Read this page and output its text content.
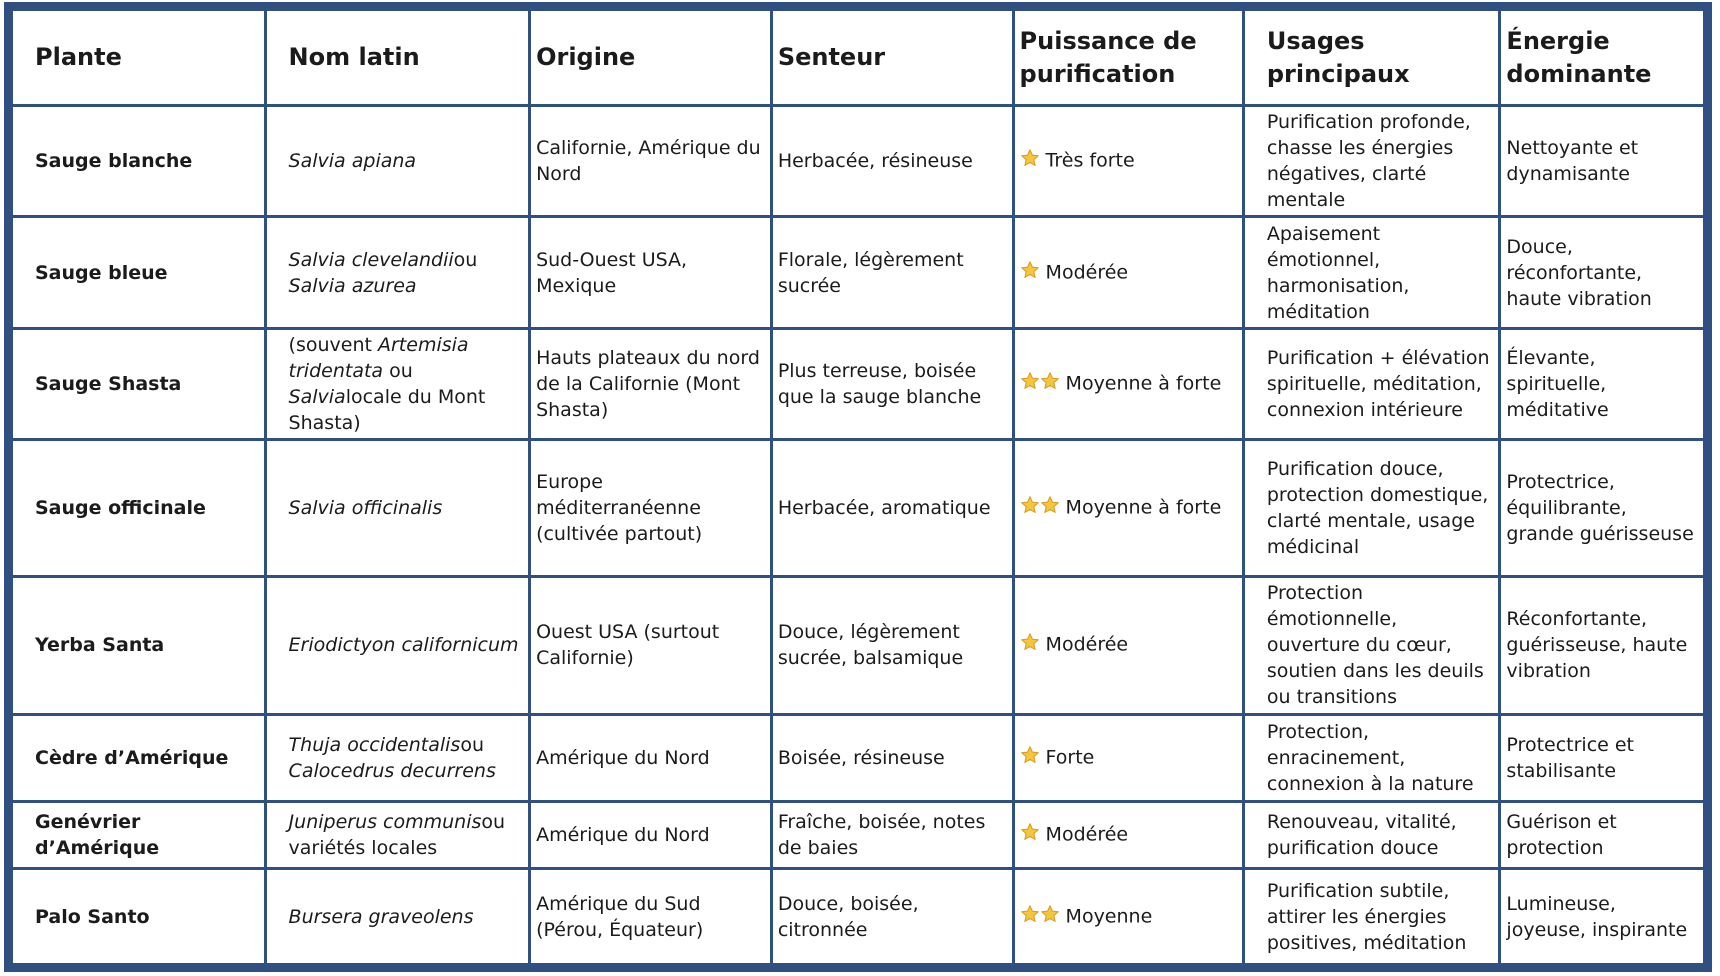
Plante	Nom latin	Origine	Senteur	Puissance de purification	Usages principaux	Énergie dominante
Sauge blanche	Salvia apiana	Californie, Amérique du Nord	Herbacée, résineuse	Très forte	Purification profonde, chasse les énergies négatives, clarté mentale	Nettoyante et dynamisante
Sauge bleue	Salvia clevelandiiou Salvia azurea	Sud-Ouest USA, Mexique	Florale, légèrement sucrée	Modérée	Apaisement émotionnel, harmonisation, méditation	Douce, réconfortante, haute vibration
Sauge Shasta	(souvent Artemisia tridentata ou Salvialocale du Mont Shasta)	Hauts plateaux du nord de la Californie (Mont Shasta)	Plus terreuse, boisée que la sauge blanche	Moyenne à forte	Purification + élévation spirituelle, méditation, connexion intérieure	Élevante, spirituelle, méditative
Sauge officinale	Salvia officinalis	Europe méditerranéenne (cultivée partout)	Herbacée, aromatique	Moyenne à forte	Purification douce, protection domestique, clarté mentale, usage médicinal	Protectrice, équilibrante, grande guérisseuse
Yerba Santa	Eriodictyon californicum	Ouest USA (surtout Californie)	Douce, légèrement sucrée, balsamique	Modérée	Protection émotionnelle, ouverture du cœur, soutien dans les deuils ou transitions	Réconfortante, guérisseuse, haute vibration
Cèdre d’Amérique	Thuja occidentalisou Calocedrus decurrens	Amérique du Nord	Boisée, résineuse	Forte	Protection, enracinement, connexion à la nature	Protectrice et stabilisante
Genévrier d’Amérique	Juniperus communisou variétés locales	Amérique du Nord	Fraîche, boisée, notes de baies	Modérée	Renouveau, vitalité, purification douce	Guérison et protection
Palo Santo	Bursera graveolens	Amérique du Sud (Pérou, Équateur)	Douce, boisée, citronnée	Moyenne	Purification subtile, attirer les énergies positives, méditation	Lumineuse, joyeuse, inspirante
